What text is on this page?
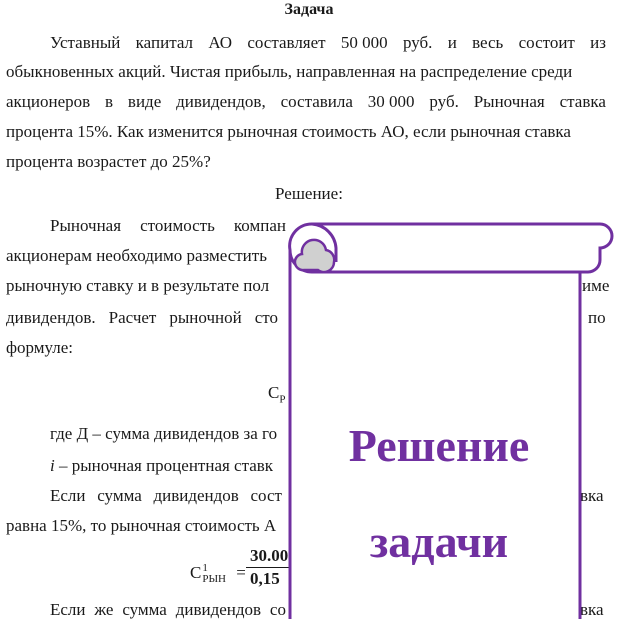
Задача
Уставный капитал АО составляет 50 000 руб. и весь состоит из
обыкновенных акций. Чистая прибыль, направленная на распределение среди
акционеров в виде дивидендов, составила 30 000 руб. Рыночная ставка
процента 15%. Как изменится рыночная стоимость АО, если рыночная ставка
процента возрастет до 25%?
Решение:
Рыночная стоимость компан
акционерам необходимо разместить
рыночную ставку и в результате пол	име
дивидендов. Расчет рыночной сто	по
формуле:
$С_Р$
где Д – сумма дивидендов за го
i – рыночная процентная ставк
Если сумма дивидендов сост	вка
равна 15%, то рыночная стоимость А
С 1
РЫН = $\frac{30.00}{0,15}$
Если же сумма дивидендов со	вка
Решение
задачи
